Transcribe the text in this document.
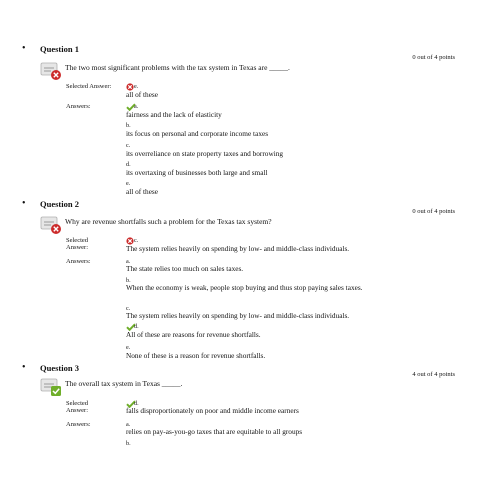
• Question 1
0 out of 4 points
The two most significant problems with the tax system in Texas are _____.
Selected Answer:	e.
all of these
Answers:	a.
fairness and the lack of elasticity
b.
its focus on personal and corporate income taxes
c.
its overreliance on state property taxes and borrowing
d.
its overtaxing of businesses both large and small
e.
all of these
• Question 2
0 out of 4 points
Why are revenue shortfalls such a problem for the Texas tax system?
Selected
Answer:
c.
The system relies heavily on spending by low- and middle-class individuals.
Answers:	a.
The state relies too much on sales taxes.
b.
When the economy is weak, people stop buying and thus stop paying sales taxes.
c.
The system relies heavily on spending by low- and middle-class individuals.
d.
All of these are reasons for revenue shortfalls.
e.
None of these is a reason for revenue shortfalls.
• Question 3
4 out of 4 points
The overall tax system in Texas _____.
Selected
Answer:
d.
falls disproportionately on poor and middle income earners
Answers:	a.
relies on pay-as-you-go taxes that are equitable to all groups
b.
